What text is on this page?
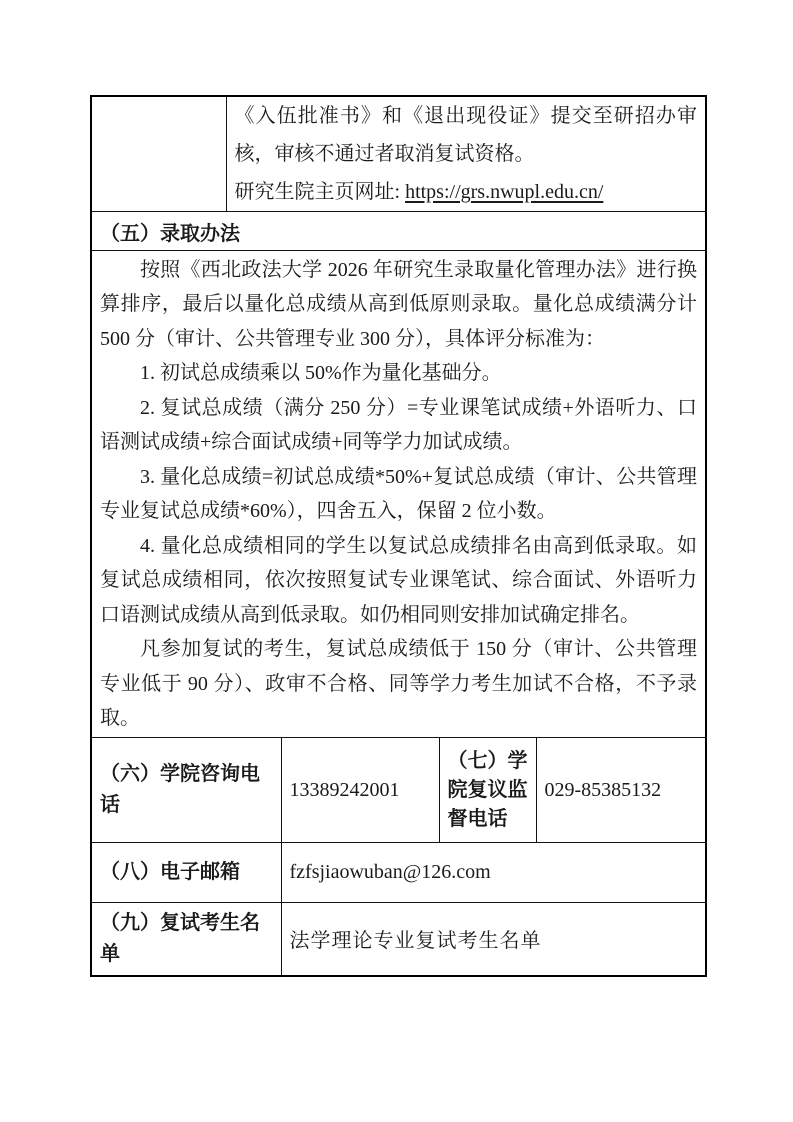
	《入伍批准书》和《退出现役证》提交至研招办审核，审核不通过者取消复试资格。

研究生院主页网址: https://grs.nwupl.edu.cn/			

（五）录取办法				

按照《西北政法大学 2026 年研究生录取量化管理办法》进行换算排序，最后以量化总成绩从高到低原则录取。量化总成绩满分计 500 分（审计、公共管理专业 300 分），具体评分标准为：

1. 初试总成绩乘以 50%作为量化基础分。

2. 复试总成绩（满分 250 分）=专业课笔试成绩+外语听力、口语测试成绩+综合面试成绩+同等学力加试成绩。

3. 量化总成绩=初试总成绩*50%+复试总成绩（审计、公共管理专业复试总成绩*60%），四舍五入，保留 2 位小数。

4. 量化总成绩相同的学生以复试总成绩排名由高到低录取。如复试总成绩相同，依次按照复试专业课笔试、综合面试、外语听力口语测试成绩从高到低录取。如仍相同则安排加试确定排名。

凡参加复试的考生，复试总成绩低于 150 分（审计、公共管理专业低于 90 分）、政审不合格、同等学力考生加试不合格，不予录取。

（六）学院咨询电话		13389242001	（七）学院复议监督电话	029-85385132
（八）电子邮箱		fzfsjiaowuban@126.com		
（九）复试考生名单		法学理论专业复试考生名单		
